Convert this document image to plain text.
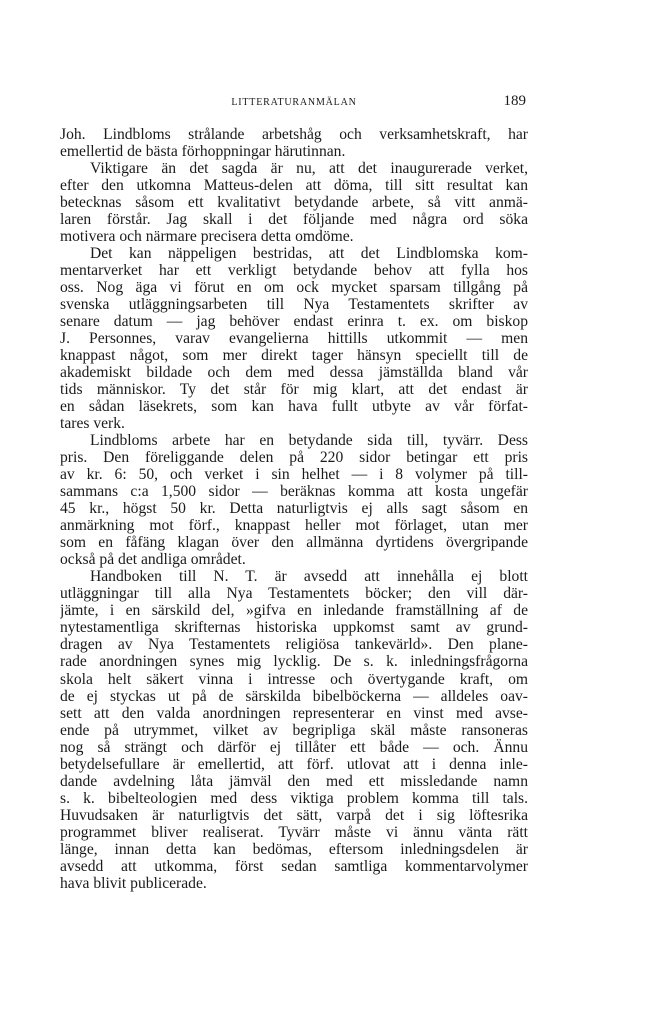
LITTERATURANMÄLAN	189
Joh. Lindbloms strålande arbetshåg och verksamhetskraft, har
emellertid de bästa förhoppningar härutinnan.
Viktigare än det sagda är nu, att det inaugurerade verket,
efter den utkomna Matteus-delen att döma, till sitt resultat kan
betecknas såsom ett kvalitativt betydande arbete, så vitt anmä-
laren förstår. Jag skall i det följande med några ord söka
motivera och närmare precisera detta omdöme.
Det kan näppeligen bestridas, att det Lindblomska kom-
mentarverket har ett verkligt betydande behov att fylla hos
oss. Nog äga vi förut en om ock mycket sparsam tillgång på
svenska utläggningsarbeten till Nya Testamentets skrifter av
senare datum — jag behöver endast erinra t. ex. om biskop
J. Personnes, varav evangelierna hittills utkommit — men
knappast något, som mer direkt tager hänsyn speciellt till de
akademiskt bildade och dem med dessa jämställda bland vår
tids människor. Ty det står för mig klart, att det endast är
en sådan läsekrets, som kan hava fullt utbyte av vår förfat-
tares verk.
Lindbloms arbete har en betydande sida till, tyvärr. Dess
pris. Den föreliggande delen på 220 sidor betingar ett pris
av kr. 6: 50, och verket i sin helhet — i 8 volymer på till-
sammans c:a 1,500 sidor — beräknas komma att kosta ungefär
45 kr., högst 50 kr. Detta naturligtvis ej alls sagt såsom en
anmärkning mot förf., knappast heller mot förlaget, utan mer
som en fåfäng klagan över den allmänna dyrtidens övergripande
också på det andliga området.
Handboken till N. T. är avsedd att innehålla ej blott
utläggningar till alla Nya Testamentets böcker; den vill där-
jämte, i en särskild del, »gifva en inledande framställning af de
nytestamentliga skrifternas historiska uppkomst samt av grund-
dragen av Nya Testamentets religiösa tankevärld». Den plane-
rade anordningen synes mig lycklig. De s. k. inledningsfrågorna
skola helt säkert vinna i intresse och övertygande kraft, om
de ej styckas ut på de särskilda bibelböckerna — alldeles oav-
sett att den valda anordningen representerar en vinst med avse-
ende på utrymmet, vilket av begripliga skäl måste ransoneras
nog så strängt och därför ej tillåter ett både — och. Ännu
betydelsefullare är emellertid, att förf. utlovat att i denna inle-
dande avdelning låta jämväl den med ett missledande namn
s. k. bibelteologien med dess viktiga problem komma till tals.
Huvudsaken är naturligtvis det sätt, varpå det i sig löftesrika
programmet bliver realiserat. Tyvärr måste vi ännu vänta rätt
länge, innan detta kan bedömas, eftersom inledningsdelen är
avsedd att utkomma, först sedan samtliga kommentarvolymer
hava blivit publicerade.
